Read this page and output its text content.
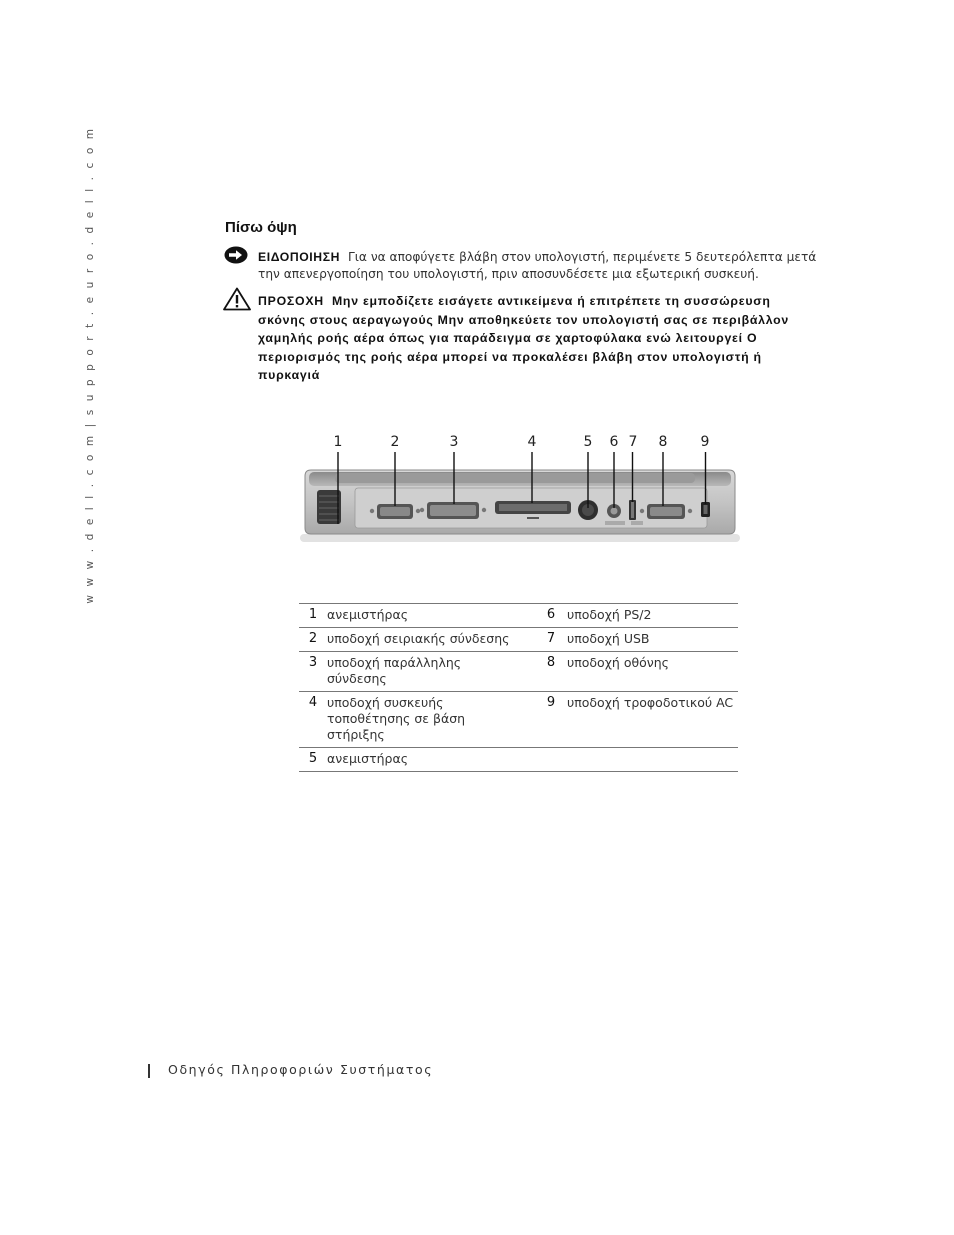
w w w . d e l l . c o m | s u p p o r t . e u r o . d e l l . c o m	Πίσω όψη
ΕΙΔΟΠΟΙΗΣΗ Για να αποφύγετε βλάβη στον υπολογιστή, περιμένετε 5 δευτερόλεπτα μετά την απενεργοποίηση του υπολογιστή, πριν αποσυνδέσετε μια εξωτερική συσκευή.
ΠΡΟΣΟΧΗ Μην εμποδίζετε εισάγετε αντικείμενα ή επιτρέπετε τη συσσώρευση σκόνης στους αεραγωγούς Μην αποθηκεύετε τον υπολογιστή σας σε περιβάλλον χαμηλής ροής αέρα όπως για παράδειγμα σε χαρτοφύλακα ενώ λειτουργεί Ο περιορισμός της ροής αέρα μπορεί να προκαλέσει βλάβη στον υπολογιστή ή πυρκαγιά
1	2	3	4	5 6 7 8 9
1	ανεμιστήρας	6	υποδοχή PS/2
2	υποδοχή σειριακής σύνδεσης	7	υποδοχή USB
3	υποδοχή παράλληλης σύνδεσης	8	υποδοχή οθόνης
4	υποδοχή συσκευής τοποθέτησης σε βάση στήριξης	9	υποδοχή τροφοδοτικού AC
5	ανεμιστήρας		
Οδηγός Πληροφοριών Συστήματος
